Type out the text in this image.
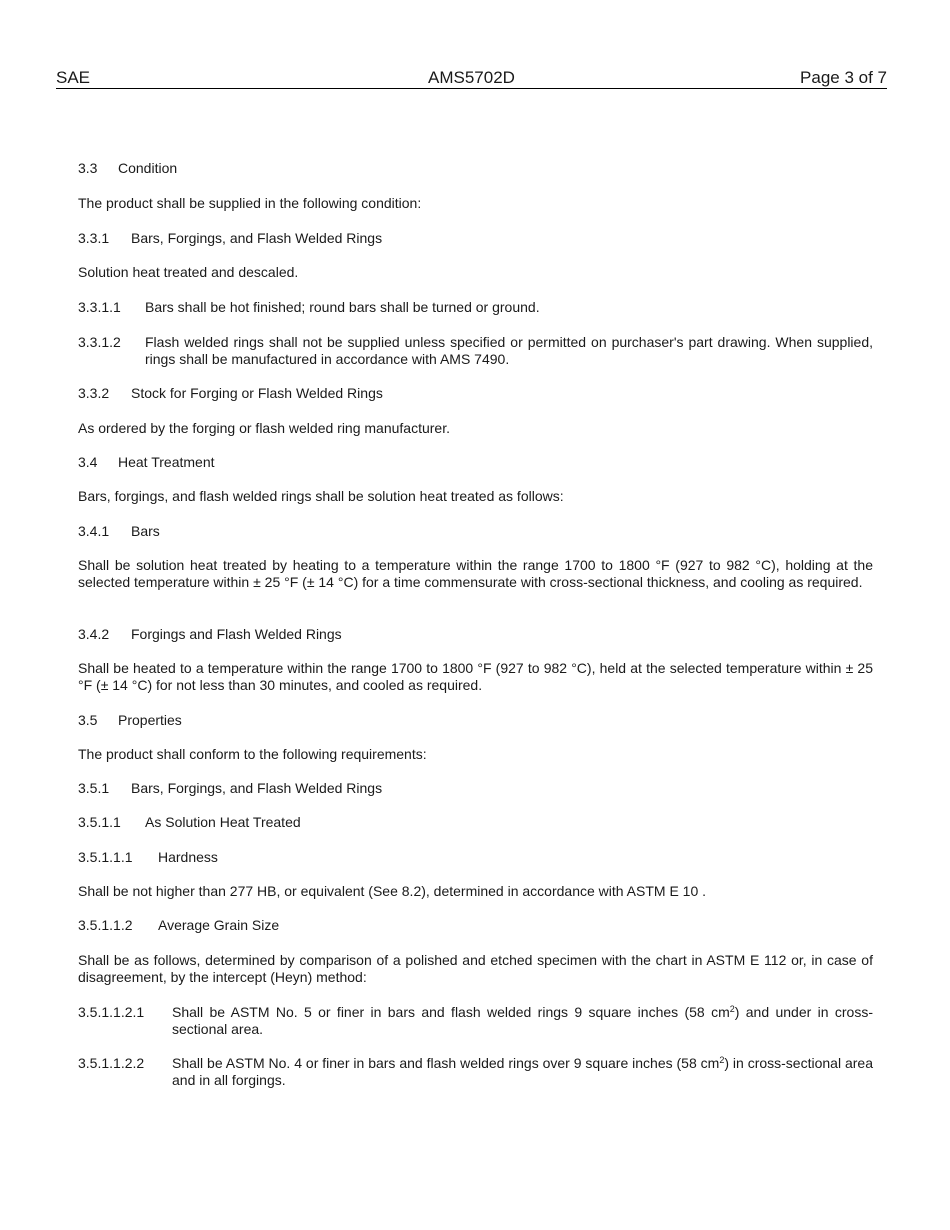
SAE	AMS5702D	Page 3 of 7
3.3 Condition
The product shall be supplied in the following condition:
3.3.1 Bars, Forgings, and Flash Welded Rings
Solution heat treated and descaled.
3.3.1.1 Bars shall be hot finished; round bars shall be turned or ground.
3.3.1.2 Flash welded rings shall not be supplied unless specified or permitted on purchaser's part drawing. When supplied, rings shall be manufactured in accordance with AMS 7490.
3.3.2 Stock for Forging or Flash Welded Rings
As ordered by the forging or flash welded ring manufacturer.
3.4 Heat Treatment
Bars, forgings, and flash welded rings shall be solution heat treated as follows:
3.4.1 Bars
Shall be solution heat treated by heating to a temperature within the range 1700 to 1800 °F (927 to 982 °C), holding at the selected temperature within ± 25 °F (± 14 °C) for a time commensurate with cross-sectional thickness, and cooling as required.
3.4.2 Forgings and Flash Welded Rings
Shall be heated to a temperature within the range 1700 to 1800 °F (927 to 982 °C), held at the selected temperature within ± 25 °F (± 14 °C) for not less than 30 minutes, and cooled as required.
3.5 Properties
The product shall conform to the following requirements:
3.5.1 Bars, Forgings, and Flash Welded Rings
3.5.1.1 As Solution Heat Treated
3.5.1.1.1 Hardness
Shall be not higher than 277 HB, or equivalent (See 8.2), determined in accordance with ASTM E 10 .
3.5.1.1.2 Average Grain Size
Shall be as follows, determined by comparison of a polished and etched specimen with the chart in ASTM E 112 or, in case of disagreement, by the intercept (Heyn) method:
3.5.1.1.2.1 Shall be ASTM No. 5 or finer in bars and flash welded rings 9 square inches (58 $cm^2$) and under in cross-sectional area.
3.5.1.1.2.2 Shall be ASTM No. 4 or finer in bars and flash welded rings over 9 square inches (58 $cm^2$) in cross-sectional area and in all forgings.
